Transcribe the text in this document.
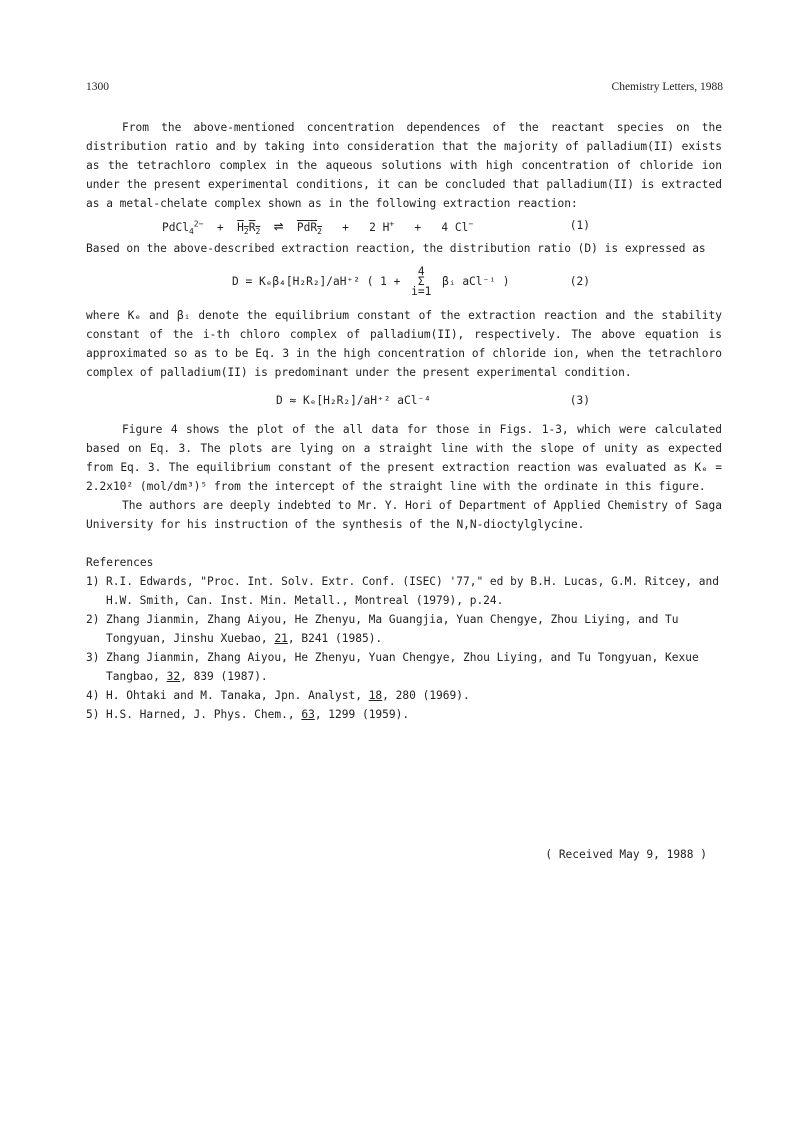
1300	Chemistry Letters, 1988

From the above-mentioned concentration dependences of the reactant species on the distribution ratio and by taking into consideration that the majority of palladium(II) exists as the tetrachloro complex in the aqueous solutions with high concentration of chloride ion under the present experimental conditions, it can be concluded that palladium(II) is extracted as a metal-chelate complex shown as in the following extraction reaction:

PdCl$_4^{2-}$ + $H_2R_2$ ⇌ PdR$_2$ + 2 H+ + 4 Cl−	(1)

Based on the above-described extraction reaction, the distribution ratio (D) is expressed as

D = Kₑβ₄[H₂R₂]/aH⁺² ( 1 +
4
Σ
i=1
βᵢ aCl⁻ⁱ )	(2)

where Kₑ and βᵢ denote the equilibrium constant of the extraction reaction and the stability constant of the i-th chloro complex of palladium(II), respectively. The above equation is approximated so as to be Eq. 3 in the high concentration of chloride ion, when the tetrachloro complex of palladium(II) is predominant under the present experimental condition.

D ≈ Kₑ[H₂R₂]/aH⁺² aCl⁻⁴	(3)

Figure 4 shows the plot of the all data for those in Figs. 1-3, which were calculated based on Eq. 3. The plots are lying on a straight line with the slope of unity as expected from Eq. 3. The equilibrium constant of the present extraction reaction was evaluated as Kₑ = 2.2x10² (mol/dm³)⁵ from the intercept of the straight line with the ordinate in this figure.

The authors are deeply indebted to Mr. Y. Hori of Department of Applied Chemistry of Saga University for his instruction of the synthesis of the N,N-dioctylglycine.

References
1) R.I. Edwards, "Proc. Int. Solv. Extr. Conf. (ISEC) '77," ed by B.H. Lucas, G.M. Ritcey, and H.W. Smith, Can. Inst. Min. Metall., Montreal (1979), p.24.
2) Zhang Jianmin, Zhang Aiyou, He Zhenyu, Ma Guangjia, Yuan Chengye, Zhou Liying, and Tu Tongyuan, Jinshu Xuebao, 21, B241 (1985).
3) Zhang Jianmin, Zhang Aiyou, He Zhenyu, Yuan Chengye, Zhou Liying, and Tu Tongyuan, Kexue Tangbao, 32, 839 (1987).
4) H. Ohtaki and M. Tanaka, Jpn. Analyst, 18, 280 (1969).
5) H.S. Harned, J. Phys. Chem., 63, 1299 (1959).
( Received May 9, 1988 )
